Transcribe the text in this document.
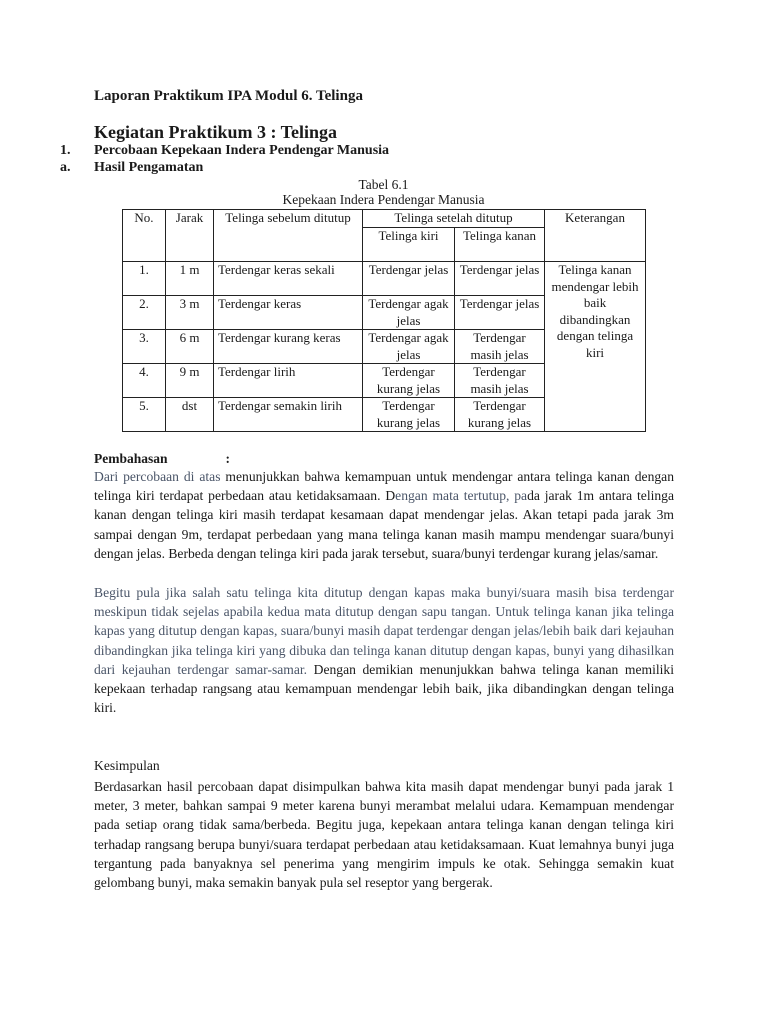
Laporan Praktikum IPA Modul 6. Telinga
Kegiatan Praktikum 3 : Telinga
1. Percobaan Kepekaan Indera Pendengar Manusia
a. Hasil Pengamatan
Tabel 6.1
Kepekaan Indera Pendengar Manusia
No.	Jarak	Telinga sebelum ditutup	Telinga setelah ditutup		Keterangan
			Telinga kiri	Telinga kanan	
1.	1 m	Terdengar keras sekali	Terdengar jelas	Terdengar jelas	Telinga kanan mendengar lebih baik dibandingkan dengan telinga kiri
2.	3 m	Terdengar keras	Terdengar agak jelas	Terdengar jelas	
3.	6 m	Terdengar kurang keras	Terdengar agak jelas	Terdengar masih jelas	
4.	9 m	Terdengar lirih	Terdengar kurang jelas	Terdengar masih jelas	
5.	dst	Terdengar semakin lirih	Terdengar kurang jelas	Terdengar kurang jelas	
Pembahasan	:
Dari percobaan di atas menunjukkan bahwa kemampuan untuk mendengar antara telinga kanan dengan telinga kiri terdapat perbedaan atau ketidaksamaan. Dengan mata tertutup, pada jarak 1m antara telinga kanan dengan telinga kiri masih terdapat kesamaan dapat mendengar jelas. Akan tetapi pada jarak 3m sampai dengan 9m, terdapat perbedaan yang mana telinga kanan masih mampu mendengar suara/bunyi dengan jelas. Berbeda dengan telinga kiri pada jarak tersebut, suara/bunyi terdengar kurang jelas/samar.
Begitu pula jika salah satu telinga kita ditutup dengan kapas maka bunyi/suara masih bisa terdengar meskipun tidak sejelas apabila kedua mata ditutup dengan sapu tangan. Untuk telinga kanan jika telinga kapas yang ditutup dengan kapas, suara/bunyi masih dapat terdengar dengan jelas/lebih baik dari kejauhan dibandingkan jika telinga kiri yang dibuka dan telinga kanan ditutup dengan kapas, bunyi yang dihasilkan dari kejauhan terdengar samar-samar. Dengan demikian menunjukkan bahwa telinga kanan memiliki kepekaan terhadap rangsang atau kemampuan mendengar lebih baik, jika dibandingkan dengan telinga kiri.
Kesimpulan
Berdasarkan hasil percobaan dapat disimpulkan bahwa kita masih dapat mendengar bunyi pada jarak 1 meter, 3 meter, bahkan sampai 9 meter karena bunyi merambat melalui udara. Kemampuan mendengar pada setiap orang tidak sama/berbeda. Begitu juga, kepekaan antara telinga kanan dengan telinga kiri terhadap rangsang berupa bunyi/suara terdapat perbedaan atau ketidaksamaan. Kuat lemahnya bunyi juga tergantung pada banyaknya sel penerima yang mengirim impuls ke otak. Sehingga semakin kuat gelombang bunyi, maka semakin banyak pula sel reseptor yang bergerak.
